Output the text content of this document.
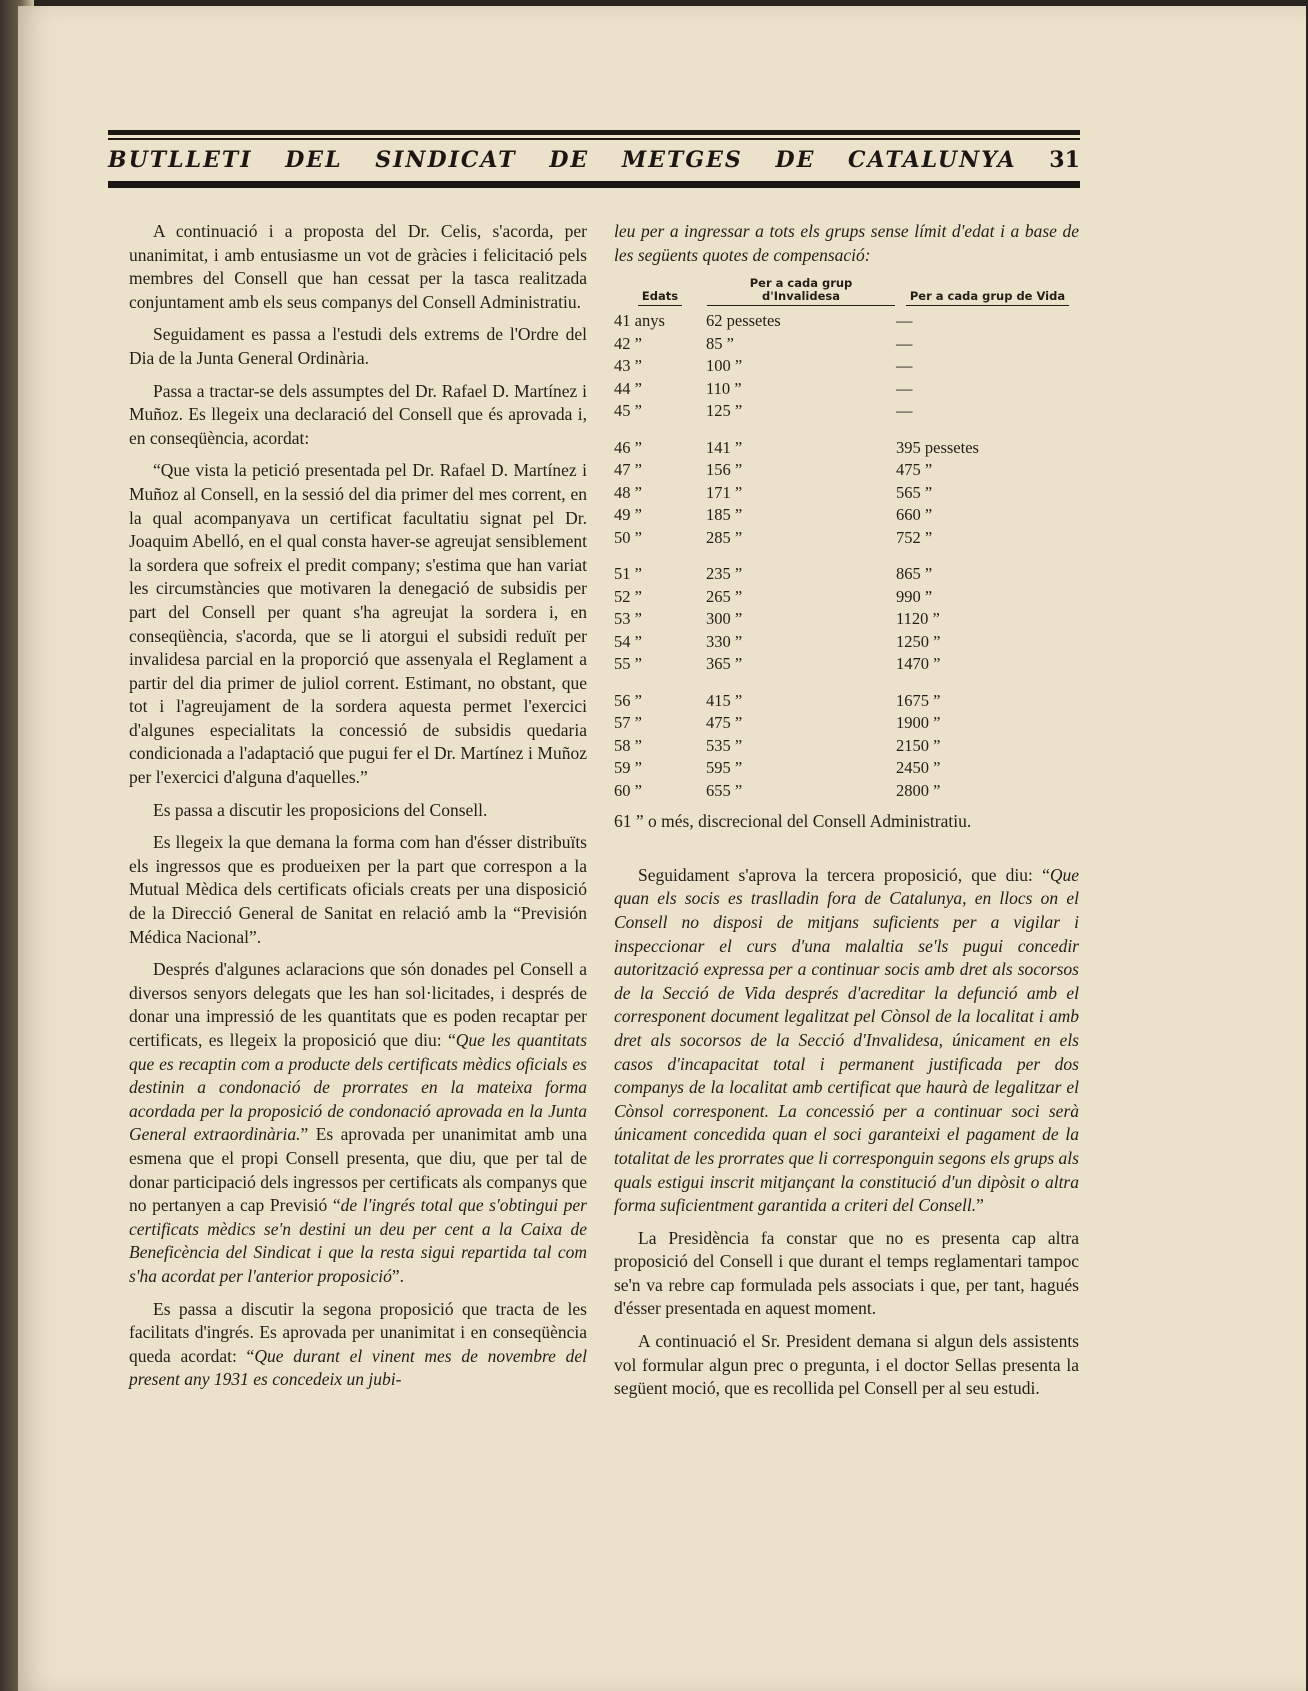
BUTLLETI DEL SINDICAT DE METGES DE CATALUNYA 31

A continuació i a proposta del Dr. Celis, s'acorda, per unanimitat, i amb entusiasme un vot de gràcies i felicitació pels membres del Consell que han cessat per la tasca realitzada conjuntament amb els seus companys del Consell Administratiu.

Seguidament es passa a l'estudi dels extrems de l'Ordre del Dia de la Junta General Ordinària.

Passa a tractar-se dels assumptes del Dr. Rafael D. Martínez i Muñoz. Es llegeix una declaració del Consell que és aprovada i, en conseqüència, acordat:

“Que vista la petició presentada pel Dr. Rafael D. Martínez i Muñoz al Consell, en la sessió del dia primer del mes corrent, en la qual acompanyava un certificat facultatiu signat pel Dr. Joaquim Abelló, en el qual consta haver-se agreujat sensiblement la sordera que sofreix el predit company; s'estima que han variat les circumstàncies que motivaren la denegació de subsidis per part del Consell per quant s'ha agreujat la sordera i, en conseqüència, s'acorda, que se li atorgui el subsidi reduït per invalidesa parcial en la proporció que assenyala el Reglament a partir del dia primer de juliol corrent. Estimant, no obstant, que tot i l'agreujament de la sordera aquesta permet l'exercici d'algunes especialitats la concessió de subsidis quedaria condicionada a l'adaptació que pugui fer el Dr. Martínez i Muñoz per l'exercici d'alguna d'aquelles.”

Es passa a discutir les proposicions del Consell.

Es llegeix la que demana la forma com han d'ésser distribuïts els ingressos que es produeixen per la part que correspon a la Mutual Mèdica dels certificats oficials creats per una disposició de la Direcció General de Sanitat en relació amb la “Previsión Médica Nacional”.

Després d'algunes aclaracions que són donades pel Consell a diversos senyors delegats que les han sol·licitades, i després de donar una impressió de les quantitats que es poden recaptar per certificats, es llegeix la proposició que diu: “Que les quantitats que es recaptin com a producte dels certificats mèdics oficials es destinin a condonació de prorrates en la mateixa forma acordada per la proposició de condonació aprovada en la Junta General extraordinària.” Es aprovada per unanimitat amb una esmena que el propi Consell presenta, que diu, que per tal de donar participació dels ingressos per certificats als companys que no pertanyen a cap Previsió “de l'ingrés total que s'obtingui per certificats mèdics se'n destini un deu per cent a la Caixa de Beneficència del Sindicat i que la resta sigui repartida tal com s'ha acordat per l'anterior proposició”.

Es passa a discutir la segona proposició que tracta de les facilitats d'ingrés. Es aprovada per unanimitat i en conseqüència queda acordat: “Que durant el vinent mes de novembre del present any 1931 es concedeix un jubi-

leu per a ingressar a tots els grups sense límit d'edat i a base de les següents quotes de compensació:

Edats	Per a cada grup d'Invalidesa	Per a cada grup de Vida
41 anys	62 pessetes	—
42 ”	85 ”	—
43 ”	100 ”	—
44 ”	110 ”	—
45 ”	125 ”	—
46 ”	141 ”	395 pessetes
47 ”	156 ”	475 ”
48 ”	171 ”	565 ”
49 ”	185 ”	660 ”
50 ”	285 ”	752 ”
51 ”	235 ”	865 ”
52 ”	265 ”	990 ”
53 ”	300 ”	1120 ”
54 ”	330 ”	1250 ”
55 ”	365 ”	1470 ”
56 ”	415 ”	1675 ”
57 ”	475 ”	1900 ”
58 ”	535 ”	2150 ”
59 ”	595 ”	2450 ”
60 ”	655 ”	2800 ”
61 ” o més, discrecional del Consell Administratiu.

Seguidament s'aprova la tercera proposició, que diu: “Que quan els socis es traslladin fora de Catalunya, en llocs on el Consell no disposi de mitjans suficients per a vigilar i inspeccionar el curs d'una malaltia se'ls pugui concedir autorització expressa per a continuar socis amb dret als socorsos de la Secció de Vida després d'acreditar la defunció amb el corresponent document legalitzat pel Cònsol de la localitat i amb dret als socorsos de la Secció d'Invalidesa, únicament en els casos d'incapacitat total i permanent justificada per dos companys de la localitat amb certificat que haurà de legalitzar el Cònsol corresponent. La concessió per a continuar soci serà únicament concedida quan el soci garanteixi el pagament de la totalitat de les prorrates que li corresponguin segons els grups als quals estigui inscrit mitjançant la constitució d'un dipòsit o altra forma suficientment garantida a criteri del Consell.”

La Presidència fa constar que no es presenta cap altra proposició del Consell i que durant el temps reglamentari tampoc se'n va rebre cap formulada pels associats i que, per tant, hagués d'ésser presentada en aquest moment.

A continuació el Sr. President demana si algun dels assistents vol formular algun prec o pregunta, i el doctor Sellas presenta la següent moció, que es recollida pel Consell per al seu estudi.
